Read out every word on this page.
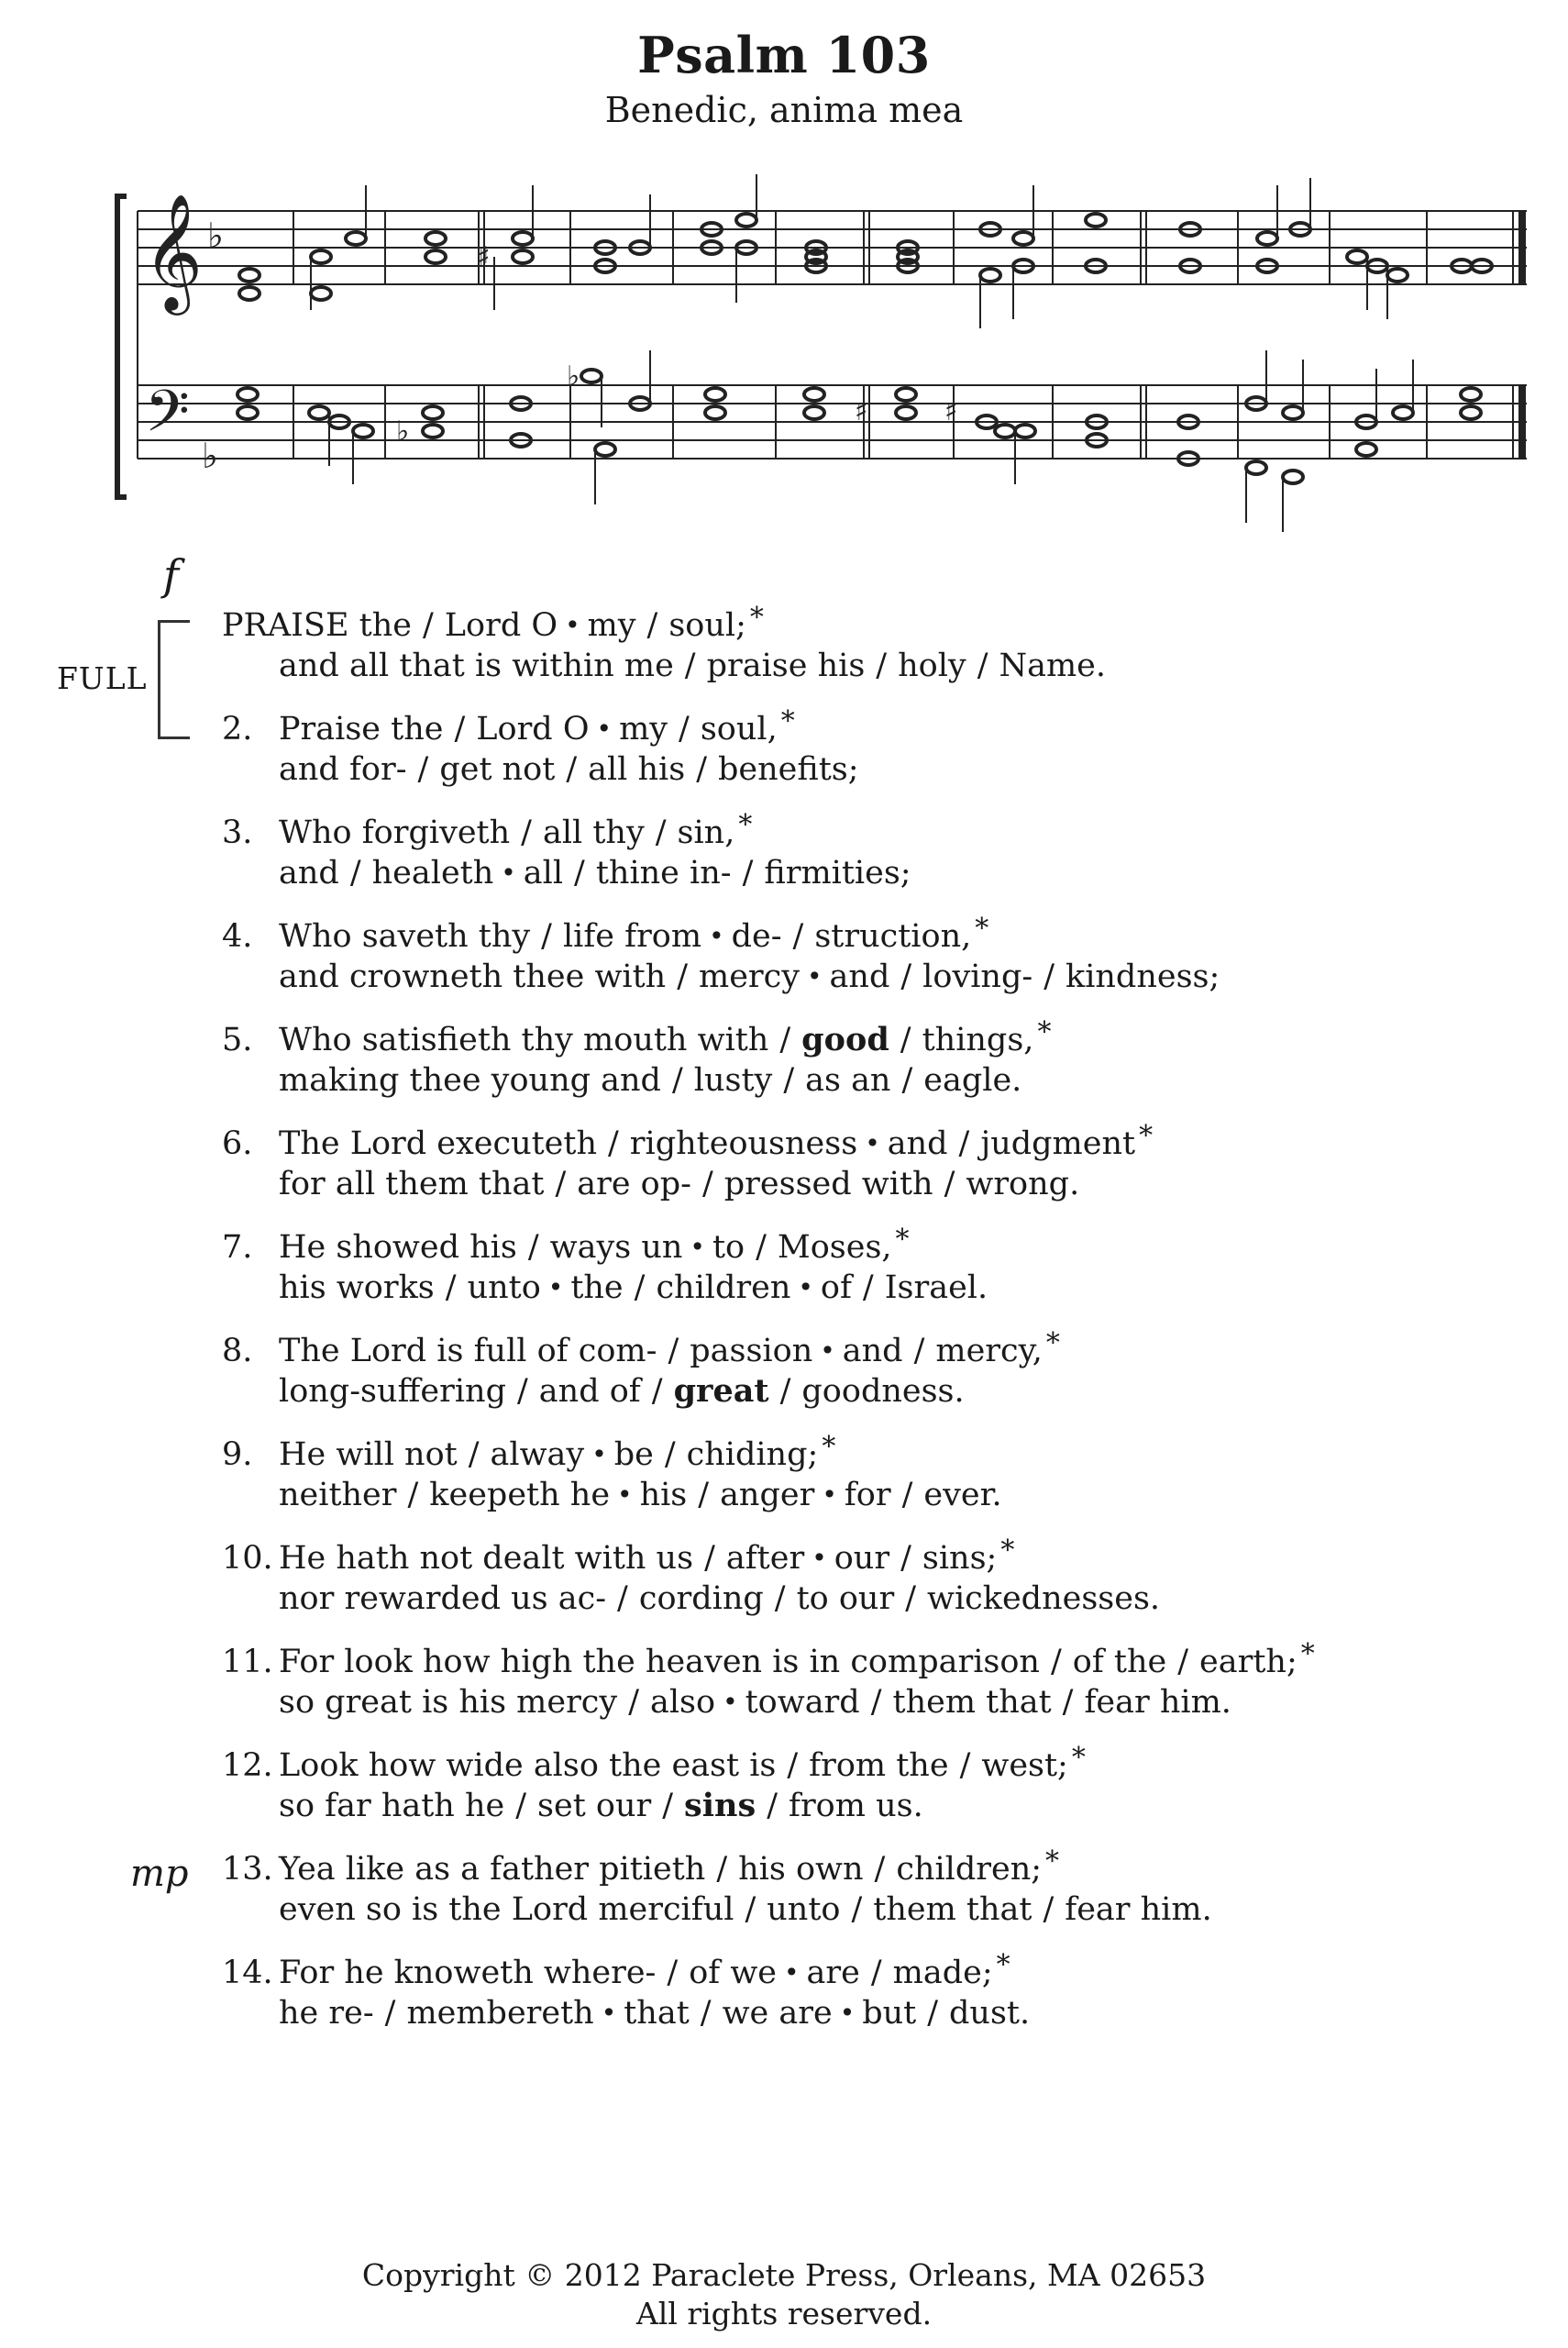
Psalm 103
Benedic, anima mea
𝄞
𝄢
♭
♭
♯
♭
♯	♯
♭
f
FULL
mp
PRAISE the / Lord O • my / soul; *
and all that is within me / praise his / holy / Name.
2. Praise the / Lord O • my / soul, *
and for- / get not / all his / benefits;
3. Who forgiveth / all thy / sin, *
and / healeth • all / thine in- / firmities;
4. Who saveth thy / life from • de- / struction, *
and crowneth thee with / mercy • and / loving- / kindness;
5. Who satisfieth thy mouth with / good / things, *
making thee young and / lusty / as an / eagle.
6. The Lord executeth / righteousness • and / judgment *
for all them that / are op- / pressed with / wrong.
7. He showed his / ways un • to / Moses, *
his works / unto • the / children • of / Israel.
8. The Lord is full of com- / passion • and / mercy, *
long-suffering / and of / great / goodness.
9. He will not / alway • be / chiding; *
neither / keepeth he • his / anger • for / ever.
10. He hath not dealt with us / after • our / sins; *
nor rewarded us ac- / cording / to our / wickednesses.
11. For look how high the heaven is in comparison / of the / earth; *
so great is his mercy / also • toward / them that / fear him.
12. Look how wide also the east is / from the / west; *
so far hath he / set our / sins / from us.
13. Yea like as a father pitieth / his own / children; *
even so is the Lord merciful / unto / them that / fear him.
14. For he knoweth where- / of we • are / made; *
he re- / membereth • that / we are • but / dust.
Copyright © 2012 Paraclete Press, Orleans, MA 02653
All rights reserved.
